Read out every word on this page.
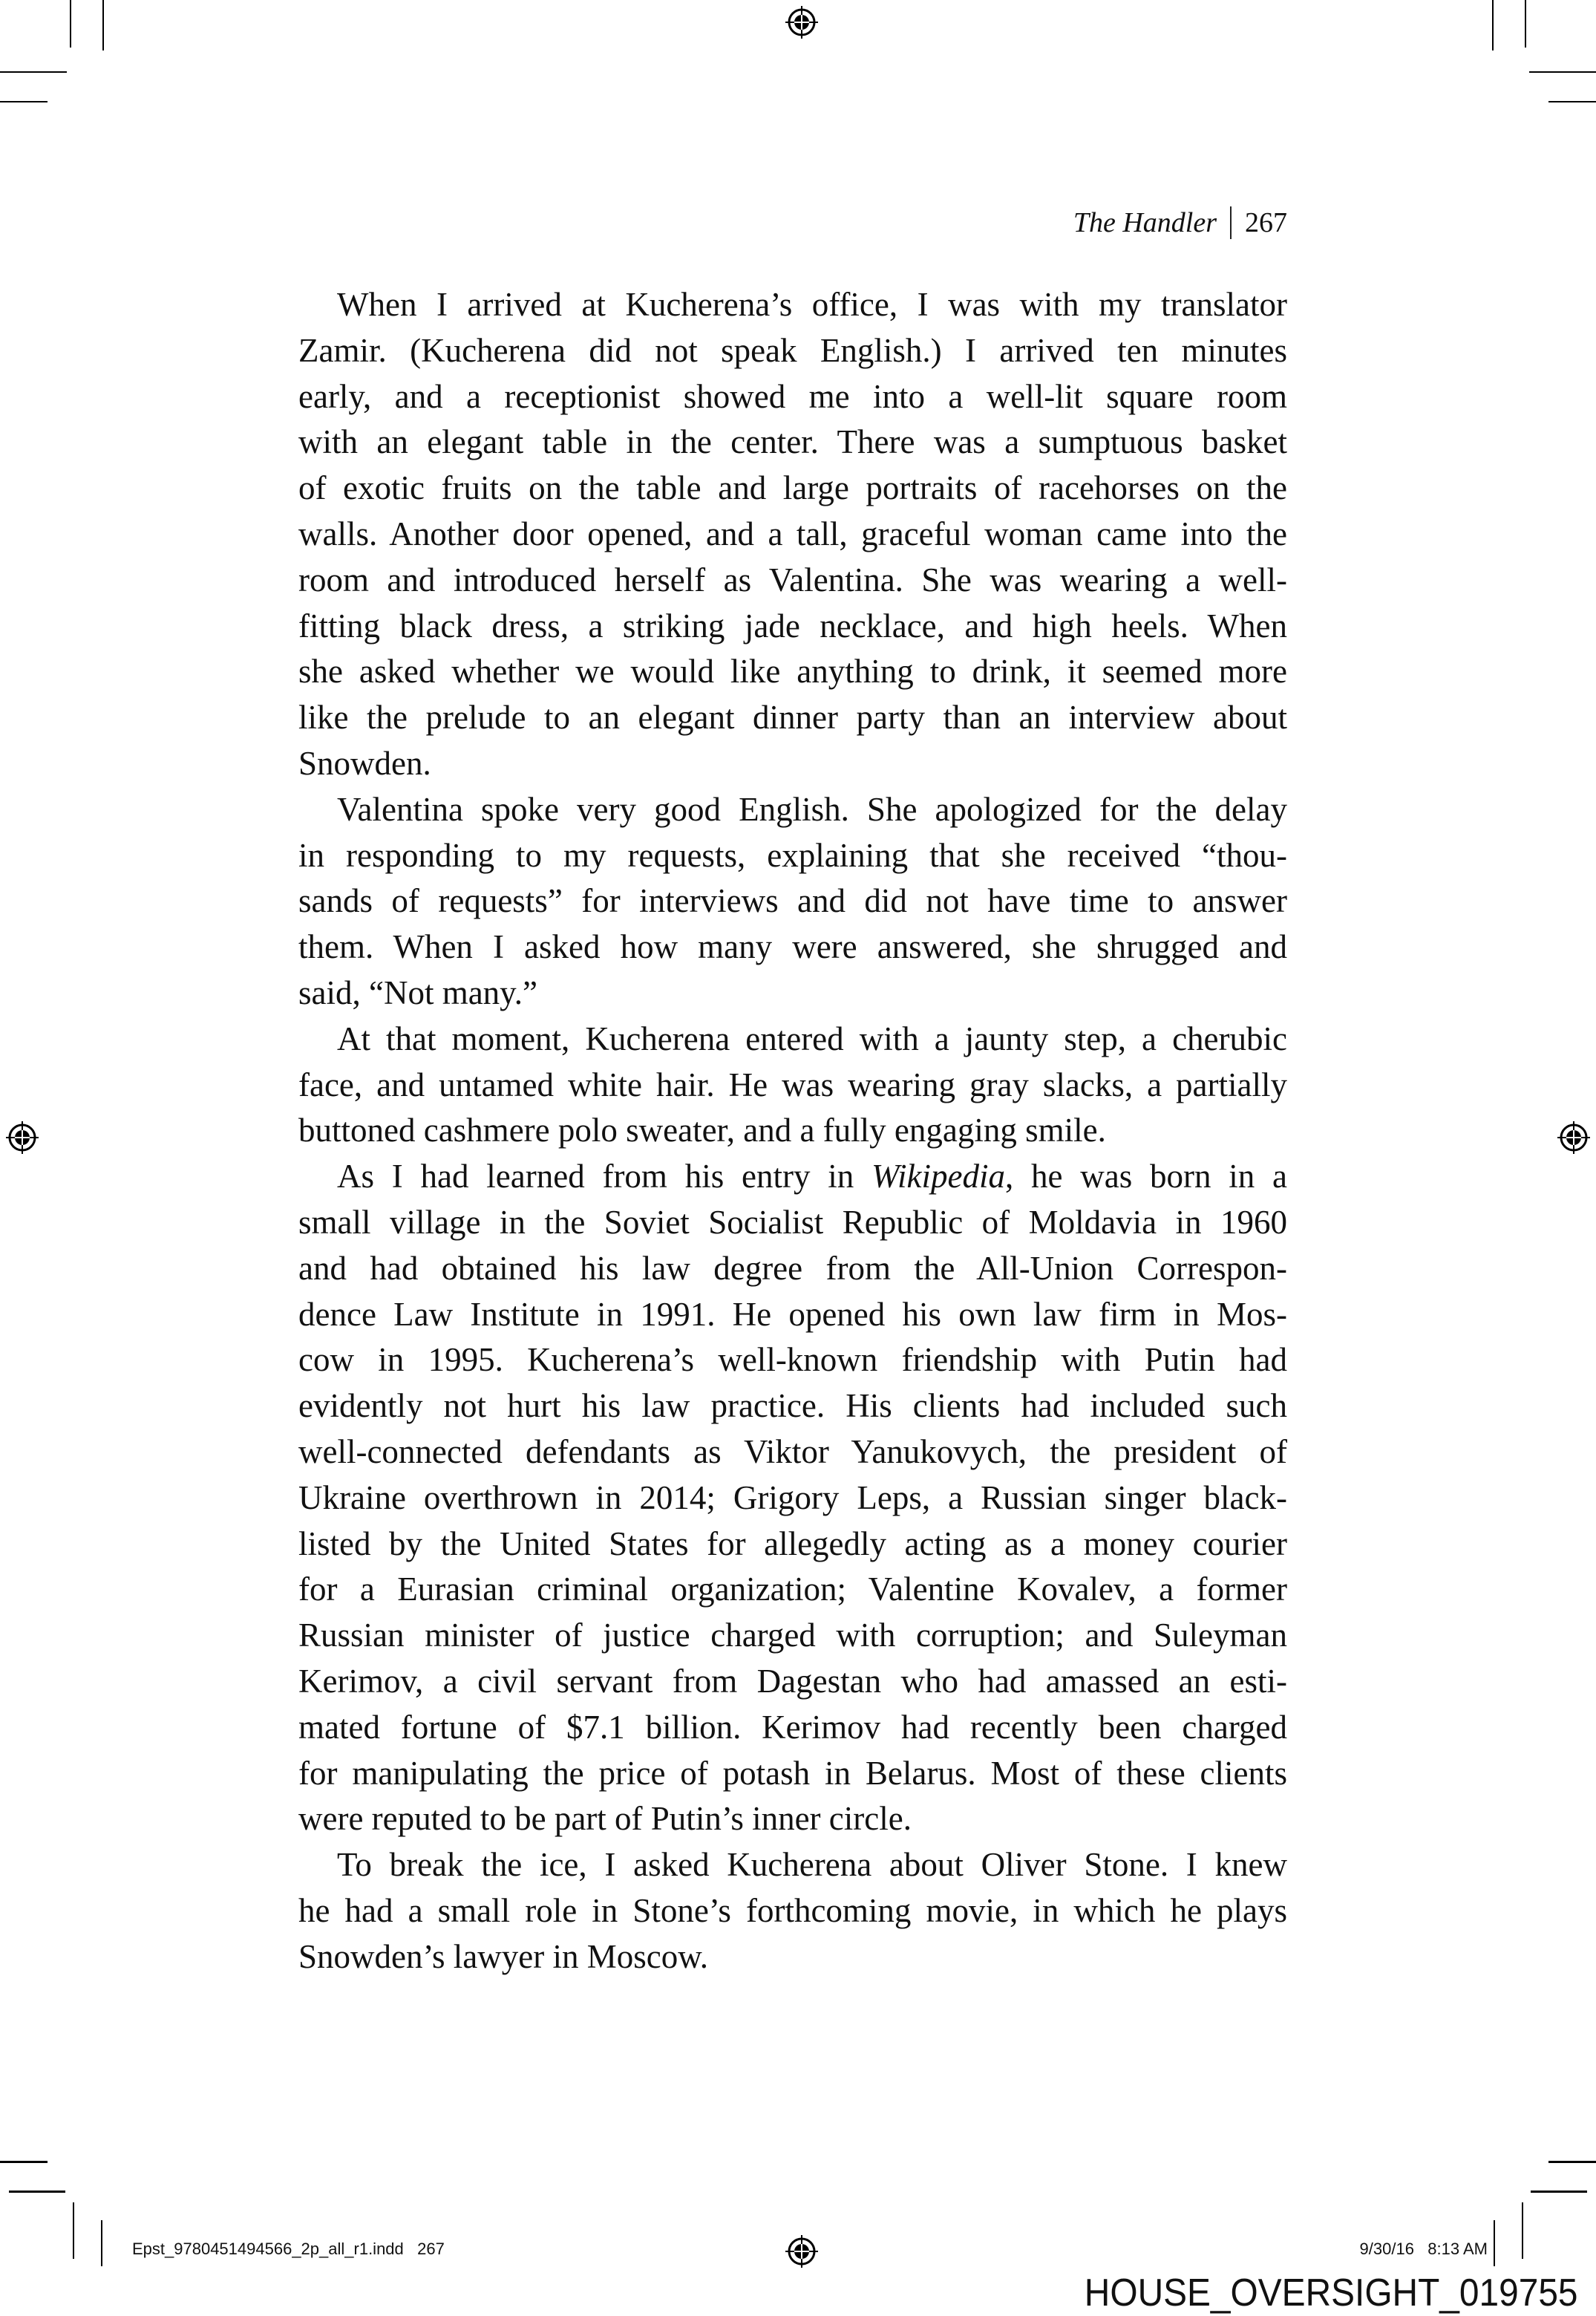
The Handler 267
When I arrived at Kucherena’s office, I was with my translator
Zamir. (Kucherena did not speak English.) I arrived ten minutes
early, and a receptionist showed me into a well-lit square room
with an elegant table in the center. There was a sumptuous basket
of exotic fruits on the table and large portraits of racehorses on the
walls. Another door opened, and a tall, graceful woman came into the
room and introduced herself as Valentina. She was wearing a well-
fitting black dress, a striking jade necklace, and high heels. When
she asked whether we would like anything to drink, it seemed more
like the prelude to an elegant dinner party than an interview about
Snowden.
Valentina spoke very good English. She apologized for the delay
in responding to my requests, explaining that she received “thou-
sands of requests” for interviews and did not have time to answer
them. When I asked how many were answered, she shrugged and
said, “Not many.”
At that moment, Kucherena entered with a jaunty step, a cherubic
face, and untamed white hair. He was wearing gray slacks, a partially
buttoned cashmere polo sweater, and a fully engaging smile.
As I had learned from his entry in Wikipedia, he was born in a
small village in the Soviet Socialist Republic of Moldavia in 1960
and had obtained his law degree from the All-Union Correspon-
dence Law Institute in 1991. He opened his own law firm in Mos-
cow in 1995. Kucherena’s well-known friendship with Putin had
evidently not hurt his law practice. His clients had included such
well-connected defendants as Viktor Yanukovych, the president of
Ukraine overthrown in 2014; Grigory Leps, a Russian singer black-
listed by the United States for allegedly acting as a money courier
for a Eurasian criminal organization; Valentine Kovalev, a former
Russian minister of justice charged with corruption; and Suleyman
Kerimov, a civil servant from Dagestan who had amassed an esti-
mated fortune of $7.1 billion. Kerimov had recently been charged
for manipulating the price of potash in Belarus. Most of these clients
were reputed to be part of Putin’s inner circle.
To break the ice, I asked Kucherena about Oliver Stone. I knew
he had a small role in Stone’s forthcoming movie, in which he plays
Snowden’s lawyer in Moscow.
Epst_9780451494566_2p_all_r1.indd   267	9/30/16   8:13 AM
HOUSE_OVERSIGHT_019755
